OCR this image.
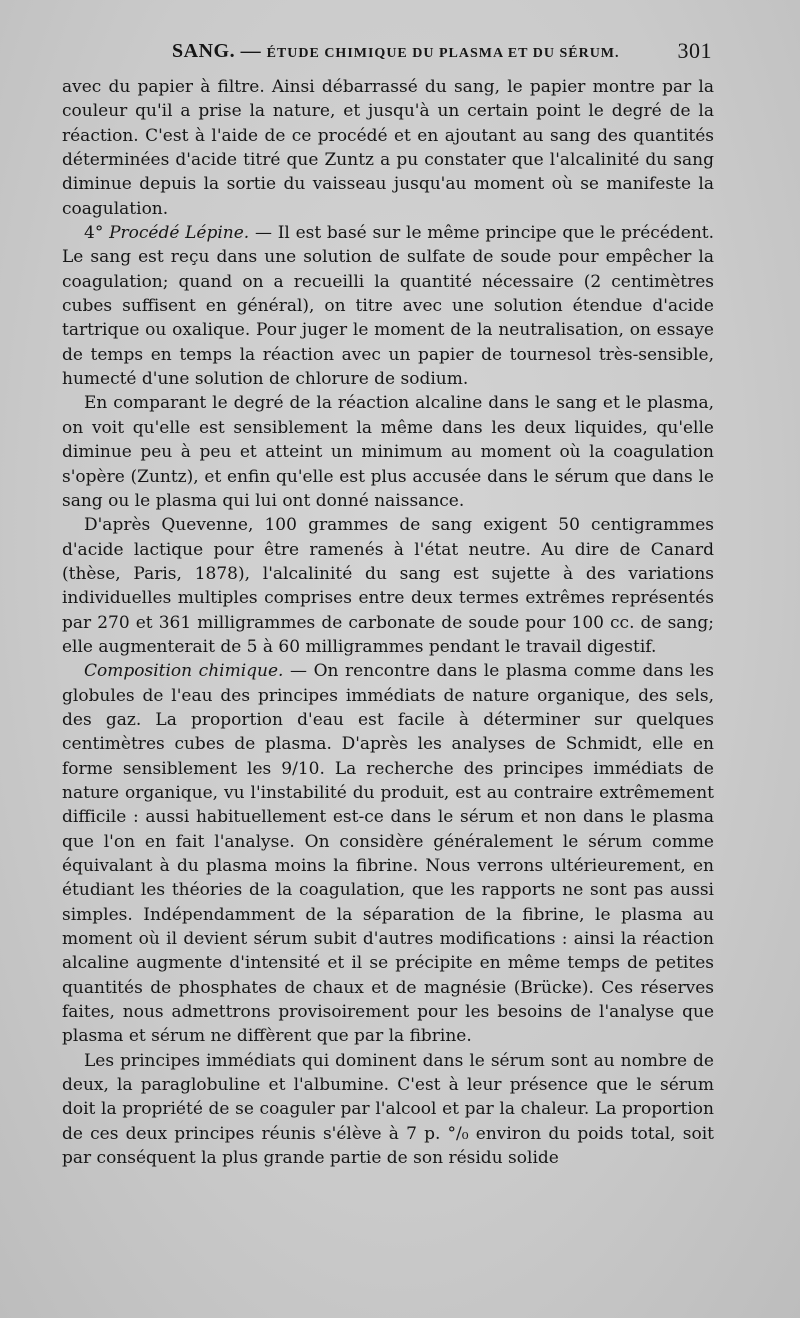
SANG. — ÉTUDE CHIMIQUE DU PLASMA ET DU SÉRUM.	301

avec du papier à filtre. Ainsi débarrassé du sang, le papier montre par la couleur qu'il a prise la nature, et jusqu'à un certain point le degré de la réaction. C'est à l'aide de ce procédé et en ajoutant au sang des quantités déterminées d'acide titré que Zuntz a pu constater que l'alcalinité du sang diminue depuis la sortie du vaisseau jusqu'au moment où se manifeste la coagulation.

4° Procédé Lépine. — Il est basé sur le même principe que le précédent. Le sang est reçu dans une solution de sulfate de soude pour empêcher la coagulation; quand on a recueilli la quantité nécessaire (2 centimètres cubes suffisent en général), on titre avec une solution étendue d'acide tartrique ou oxalique. Pour juger le moment de la neutralisation, on essaye de temps en temps la réaction avec un papier de tournesol très-sensible, humecté d'une solution de chlorure de sodium.

En comparant le degré de la réaction alcaline dans le sang et le plasma, on voit qu'elle est sensiblement la même dans les deux liquides, qu'elle diminue peu à peu et atteint un minimum au moment où la coagulation s'opère (Zuntz), et enfin qu'elle est plus accusée dans le sérum que dans le sang ou le plasma qui lui ont donné naissance.

D'après Quevenne, 100 grammes de sang exigent 50 centigrammes d'acide lactique pour être ramenés à l'état neutre. Au dire de Canard (thèse, Paris, 1878), l'alcalinité du sang est sujette à des variations individuelles multiples comprises entre deux termes extrêmes représentés par 270 et 361 milligrammes de carbonate de soude pour 100 cc. de sang; elle augmenterait de 5 à 60 milligrammes pendant le travail digestif.

Composition chimique. — On rencontre dans le plasma comme dans les globules de l'eau des principes immédiats de nature organique, des sels, des gaz. La proportion d'eau est facile à déterminer sur quelques centimètres cubes de plasma. D'après les analyses de Schmidt, elle en forme sensiblement les 9/10. La recherche des principes immédiats de nature organique, vu l'instabilité du produit, est au contraire extrêmement difficile : aussi habituellement est-ce dans le sérum et non dans le plasma que l'on en fait l'analyse. On considère généralement le sérum comme équivalant à du plasma moins la fibrine. Nous verrons ultérieurement, en étudiant les théories de la coagulation, que les rapports ne sont pas aussi simples. Indépendamment de la séparation de la fibrine, le plasma au moment où il devient sérum subit d'autres modifications : ainsi la réaction alcaline augmente d'intensité et il se précipite en même temps de petites quantités de phosphates de chaux et de magnésie (Brücke). Ces réserves faites, nous admettrons provisoirement pour les besoins de l'analyse que plasma et sérum ne diffèrent que par la fibrine.

Les principes immédiats qui dominent dans le sérum sont au nombre de deux, la paraglobuline et l'albumine. C'est à leur présence que le sérum doit la propriété de se coaguler par l'alcool et par la chaleur. La proportion de ces deux principes réunis s'élève à 7 p. °/₀ environ du poids total, soit par conséquent la plus grande partie de son résidu solide
